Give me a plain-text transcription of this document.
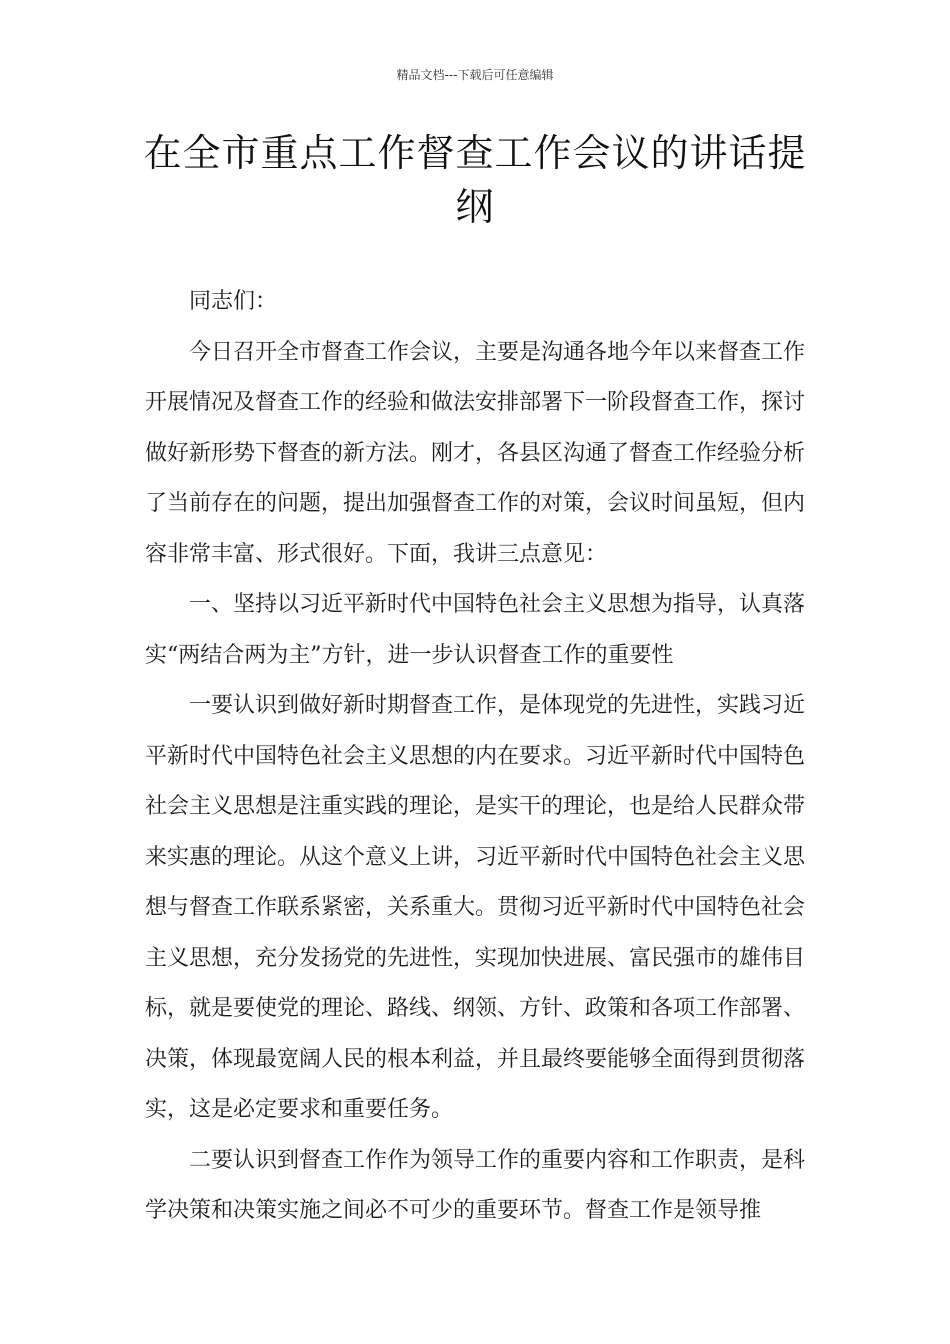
精品文档---下载后可任意编辑
在全市重点工作督查工作会议的讲话提纲

同志们：

今日召开全市督查工作会议，主要是沟通各地今年以来督查工作开展情况及督查工作的经验和做法安排部署下一阶段督查工作，探讨做好新形势下督查的新方法。刚才，各县区沟通了督查工作经验分析了当前存在的问题，提出加强督查工作的对策，会议时间虽短，但内容非常丰富、形式很好。下面，我讲三点意见：

一、坚持以习近平新时代中国特色社会主义思想为指导，认真落实“两结合两为主”方针，进一步认识督查工作的重要性

一要认识到做好新时期督查工作，是体现党的先进性，实践习近平新时代中国特色社会主义思想的内在要求。习近平新时代中国特色社会主义思想是注重实践的理论，是实干的理论，也是给人民群众带来实惠的理论。从这个意义上讲，习近平新时代中国特色社会主义思想与督查工作联系紧密，关系重大。贯彻习近平新时代中国特色社会主义思想，充分发扬党的先进性，实现加快进展、富民强市的雄伟目标，就是要使党的理论、路线、纲领、方针、政策和各项工作部署、决策，体现最宽阔人民的根本利益，并且最终要能够全面得到贯彻落实，这是必定要求和重要任务。

二要认识到督查工作作为领导工作的重要内容和工作职责，是科学决策和决策实施之间必不可少的重要环节。督查工作是领导推
